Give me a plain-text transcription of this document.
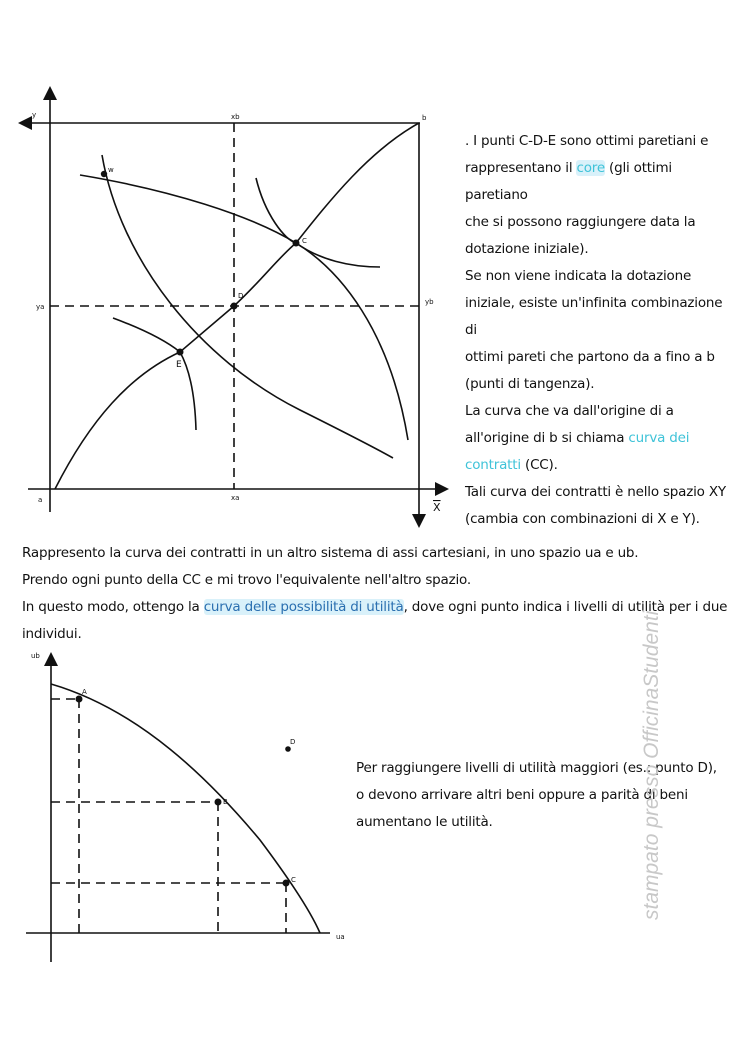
y	xb	b
ya
yb
a	xa
w
C
D
E
X
ub
ua
A
B
C
D
. I punti C-D-E sono ottimi paretiani e
rappresentano il core (gli ottimi paretiano
che si possono raggiungere data la
dotazione iniziale).
Se non viene indicata la dotazione
iniziale, esiste un'infinita combinazione di
ottimi pareti che partono da a fino a b
(punti di tangenza).
La curva che va dall'origine di a
all'origine di b si chiama curva dei
contratti (CC).
Tali curva dei contratti è nello spazio XY
(cambia con combinazioni di X e Y).
Rappresento la curva dei contratti in un altro sistema di assi cartesiani, in uno spazio ua e ub.
Prendo ogni punto della CC e mi trovo l'equivalente nell'altro spazio.
In questo modo, ottengo la curva delle possibilità di utilità, dove ogni punto indica i livelli di utilità per i due
individui.
Per raggiungere livelli di utilità maggiori (es.: punto D),
o devono arrivare altri beni oppure a parità di beni
aumentano le utilità.	stampato presso OfficinaStudenti
